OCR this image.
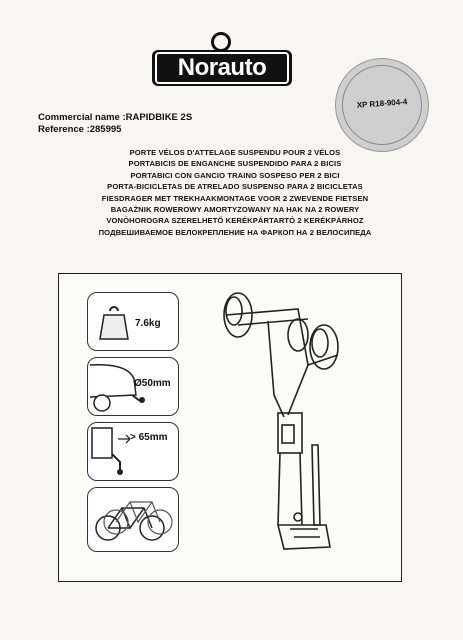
Norauto
XP R18-904-4
Commercial name :RAPIDBIKE 2S
Reference :285995
PORTE VÉLOS D'ATTELAGE SUSPENDU POUR 2 VÉLOS
PORTABICIS DE ENGANCHE SUSPENDIDO PARA 2 BICIS
PORTABICI CON GANCIO TRAINO SOSPESO PER 2 BICI
PORTA-BICICLETAS DE ATRELADO SUSPENSO PARA 2 BICICLETAS
FIESDRAGER MET TREKHAAKMONTAGE VOOR 2 ZWEVENDE FIETSEN
BAGAŻNIK ROWEROWY AMORTYZOWANY NA HAK NA 2 ROWERY
VONÓHOROGRA SZERELHETŐ KERÉKPÁRTARTÓ 2 KERÉKPÁRHOZ
ПОДВЕШИВАЕМОЕ ВЕЛОКРЕПЛЕНИЕ НА ФАРКОП НА 2 ВЕЛОСИПЕДА
7.6kg
Ø50mm
> 65mm
